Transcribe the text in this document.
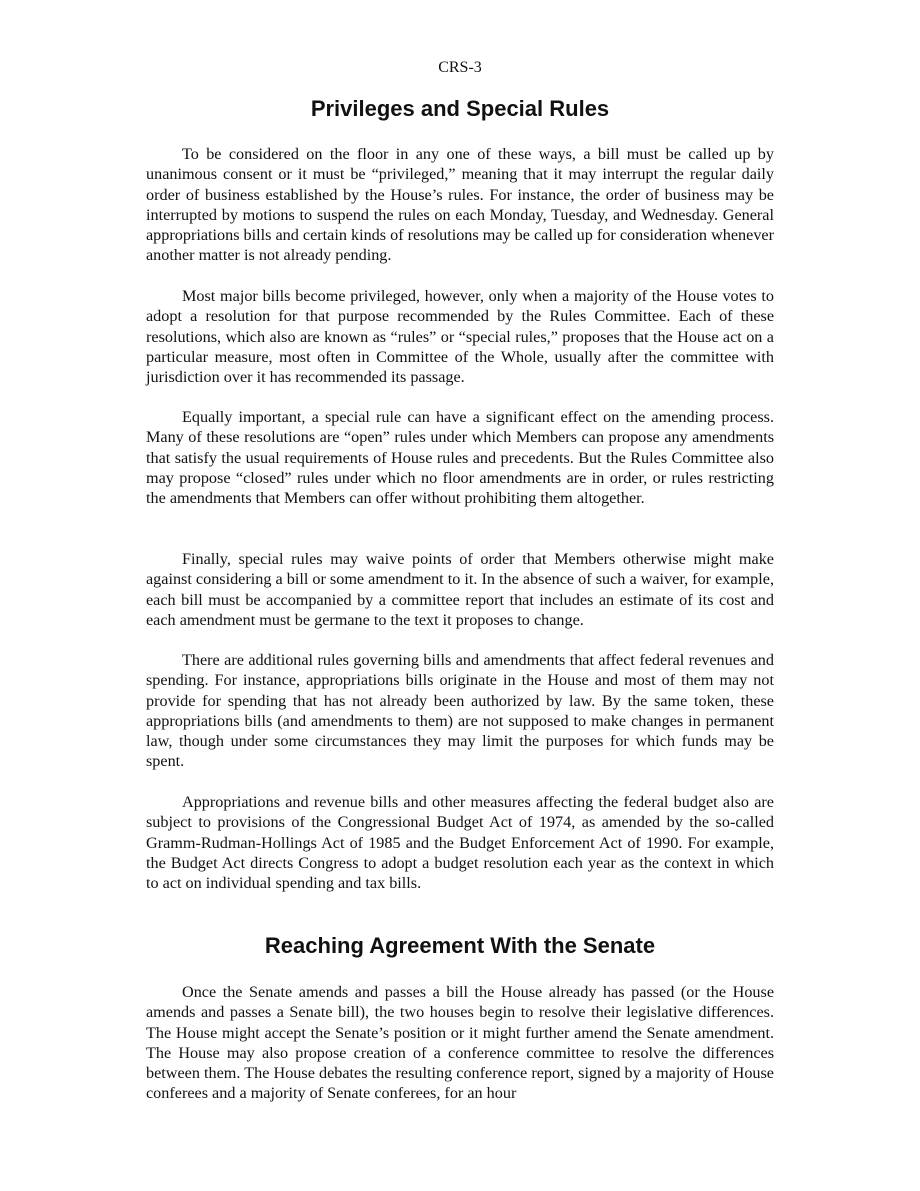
CRS-3
Privileges and Special Rules

To be considered on the floor in any one of these ways, a bill must be called up by unanimous consent or it must be “privileged,” meaning that it may interrupt the regular daily order of business established by the House’s rules. For instance, the order of business may be interrupted by motions to suspend the rules on each Monday, Tuesday, and Wednesday. General appropriations bills and certain kinds of resolutions may be called up for consideration whenever another matter is not already pending.

Most major bills become privileged, however, only when a majority of the House votes to adopt a resolution for that purpose recommended by the Rules Committee. Each of these resolutions, which also are known as “rules” or “special rules,” proposes that the House act on a particular measure, most often in Committee of the Whole, usually after the committee with jurisdiction over it has recommended its passage.

Equally important, a special rule can have a significant effect on the amending process. Many of these resolutions are “open” rules under which Members can propose any amendments that satisfy the usual requirements of House rules and precedents. But the Rules Committee also may propose “closed” rules under which no floor amendments are in order, or rules restricting the amendments that Members can offer without prohibiting them altogether.

Finally, special rules may waive points of order that Members otherwise might make against considering a bill or some amendment to it. In the absence of such a waiver, for example, each bill must be accompanied by a committee report that includes an estimate of its cost and each amendment must be germane to the text it proposes to change.

There are additional rules governing bills and amendments that affect federal revenues and spending. For instance, appropriations bills originate in the House and most of them may not provide for spending that has not already been authorized by law. By the same token, these appropriations bills (and amendments to them) are not supposed to make changes in permanent law, though under some circumstances they may limit the purposes for which funds may be spent.

Appropriations and revenue bills and other measures affecting the federal budget also are subject to provisions of the Congressional Budget Act of 1974, as amended by the so-called Gramm-Rudman-Hollings Act of 1985 and the Budget Enforcement Act of 1990. For example, the Budget Act directs Congress to adopt a budget resolution each year as the context in which to act on individual spending and tax bills.

Reaching Agreement With the Senate

Once the Senate amends and passes a bill the House already has passed (or the House amends and passes a Senate bill), the two houses begin to resolve their legislative differences. The House might accept the Senate’s position or it might further amend the Senate amendment. The House may also propose creation of a conference committee to resolve the differences between them. The House debates the resulting conference report, signed by a majority of House conferees and a majority of Senate conferees, for an hour
